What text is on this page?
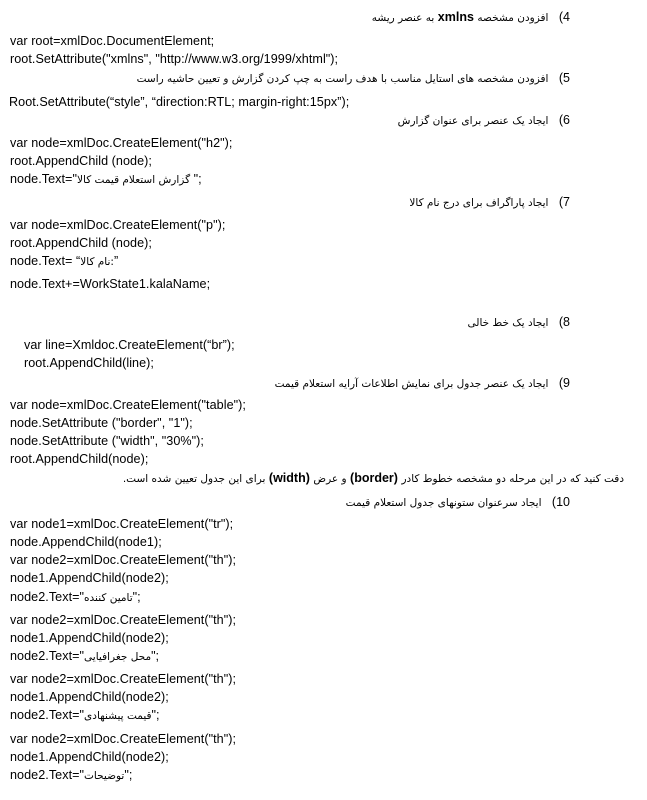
4)   افزودن مشخصه xmlns به عنصر ریشه
var root=xmlDoc.DocumentElement;
root.SetAttribute("xmlns", "http://www.w3.org/1999/xhtml");
5)   افزودن مشخصه های استایل مناسب با هدف راست به چپ کردن گزارش و تعیین حاشیه راست
Root.SetAttribute(“style”, “direction:RTL; margin-right:15px”);
6)   ایجاد یک عنصر برای عنوان گزارش
var node=xmlDoc.CreateElement("h2");
root.AppendChild (node);
node.Text="گزارش استعلام قیمت کالا ";
7)   ایجاد پاراگراف برای درج نام کالا
var node=xmlDoc.CreateElement("p");
root.AppendChild (node);
node.Text= “نام کالا:”
node.Text+=WorkState1.kalaName;
8)   ایجاد یک خط خالی
var line=Xmldoc.CreateElement(“br”);
root.AppendChild(line);
9)   ایجاد یک عنصر جدول برای نمایش اطلاعات آرایه استعلام قیمت
var node=xmlDoc.CreateElement("table");
node.SetAttribute ("border", "1");
node.SetAttribute ("width", "30%");
root.AppendChild(node);
دقت کنید که در این مرحله دو مشخصه خطوط کادر (border) و عرض (width) برای این جدول تعیین شده است.
10)   ایجاد سرعنوان ستونهای جدول استعلام قیمت
var node1=xmlDoc.CreateElement("tr");
node.AppendChild(node1);
var node2=xmlDoc.CreateElement("th");
node1.AppendChild(node2);
node2.Text="تامین کننده";
var node2=xmlDoc.CreateElement("th");
node1.AppendChild(node2);
node2.Text="محل جغرافیایی";
var node2=xmlDoc.CreateElement("th");
node1.AppendChild(node2);
node2.Text="قیمت پیشنهادی";
var node2=xmlDoc.CreateElement("th");
node1.AppendChild(node2);
node2.Text="توضیحات";
